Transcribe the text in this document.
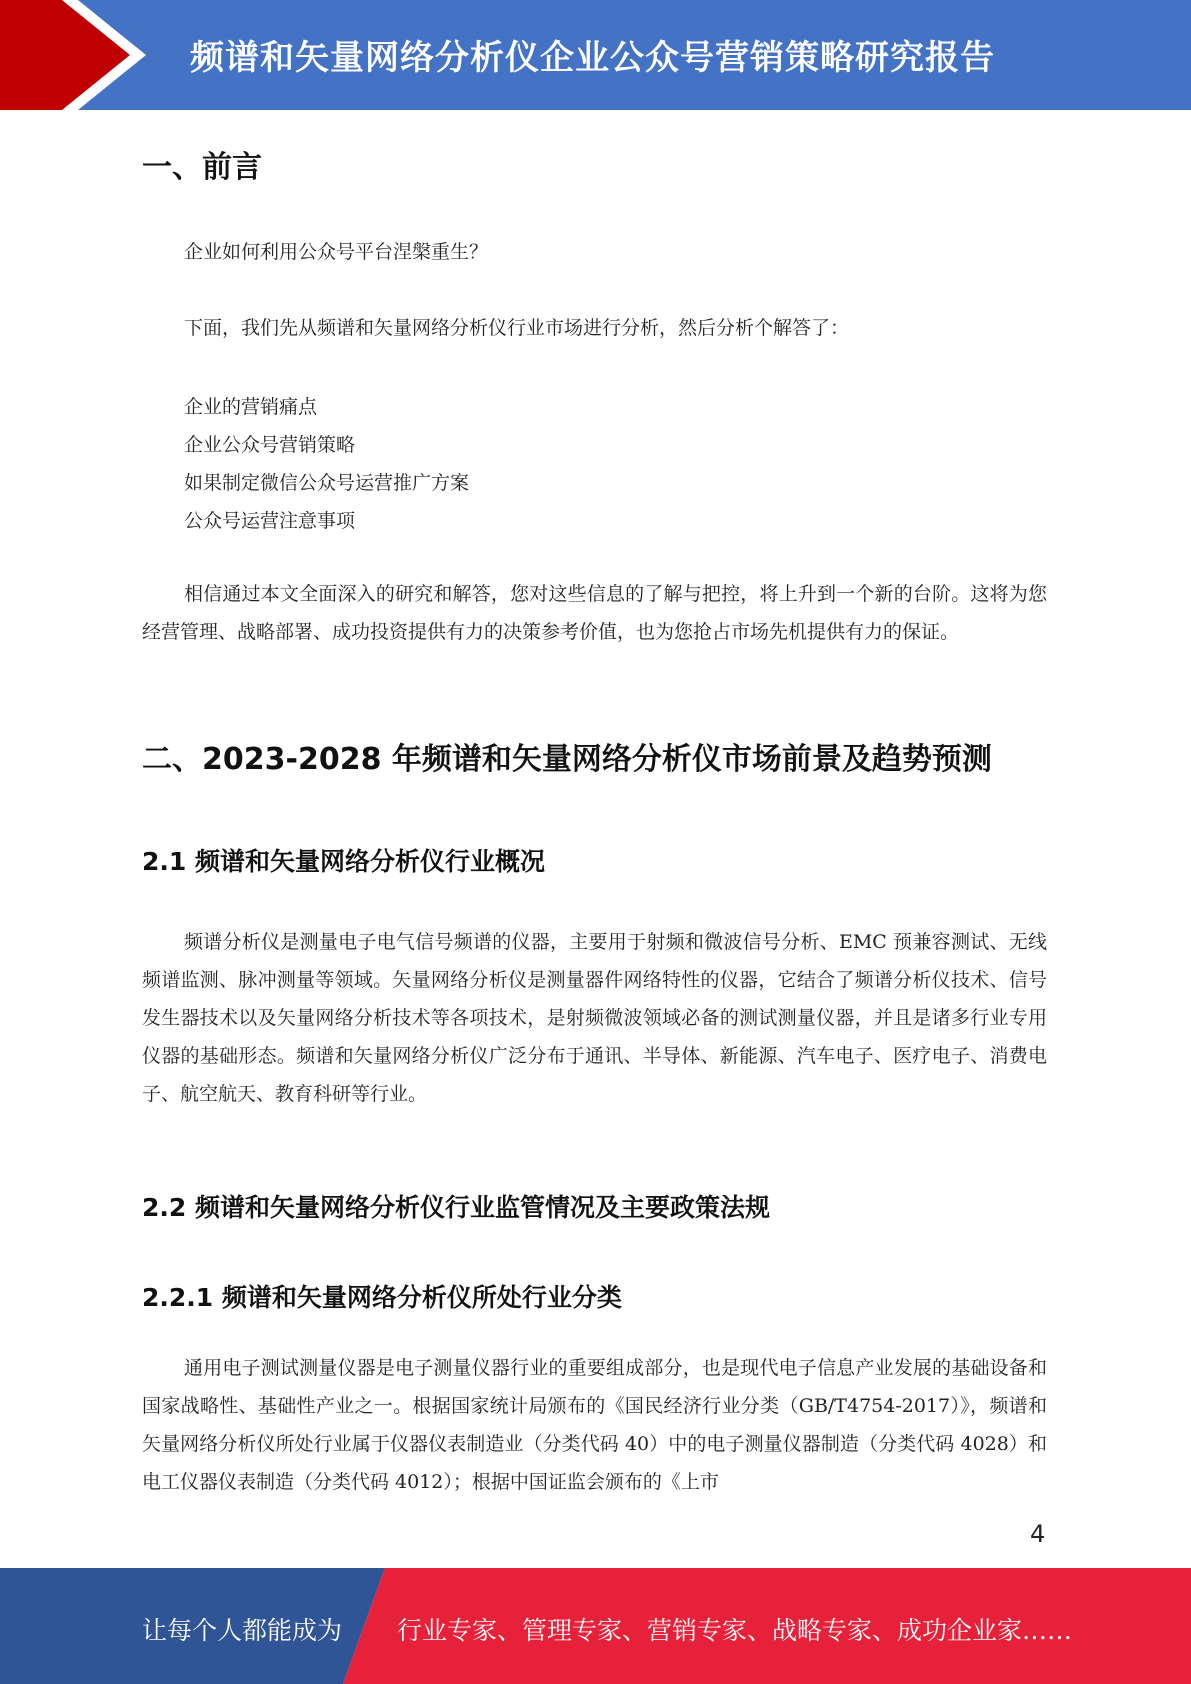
频谱和矢量网络分析仪企业公众号营销策略研究报告
一、前言
企业如何利用公众号平台涅槃重生？
下面，我们先从频谱和矢量网络分析仪行业市场进行分析，然后分析个解答了：
企业的营销痛点
企业公众号营销策略
如果制定微信公众号运营推广方案
公众号运营注意事项
相信通过本文全面深入的研究和解答，您对这些信息的了解与把控，将上升到一个新的台阶。这将为您经营管理、战略部署、成功投资提供有力的决策参考价值，也为您抢占市场先机提供有力的保证。
二、2023-2028 年频谱和矢量网络分析仪市场前景及趋势预测
2.1 频谱和矢量网络分析仪行业概况
频谱分析仪是测量电子电气信号频谱的仪器，主要用于射频和微波信号分析、EMC 预兼容测试、无线频谱监测、脉冲测量等领域。矢量网络分析仪是测量器件网络特性的仪器，它结合了频谱分析仪技术、信号发生器技术以及矢量网络分析技术等各项技术，是射频微波领域必备的测试测量仪器，并且是诸多行业专用仪器的基础形态。频谱和矢量网络分析仪广泛分布于通讯、半导体、新能源、汽车电子、医疗电子、消费电子、航空航天、教育科研等行业。
2.2 频谱和矢量网络分析仪行业监管情况及主要政策法规
2.2.1 频谱和矢量网络分析仪所处行业分类
通用电子测试测量仪器是电子测量仪器行业的重要组成部分，也是现代电子信息产业发展的基础设备和国家战略性、基础性产业之一。根据国家统计局颁布的《国民经济行业分类（GB/T4754-2017）》，频谱和矢量网络分析仪所处行业属于仪器仪表制造业（分类代码 40）中的电子测量仪器制造（分类代码 4028）和电工仪器仪表制造（分类代码 4012）；根据中国证监会颁布的《上市
4
让每个人都能成为 行业专家、管理专家、营销专家、战略专家、成功企业家……
